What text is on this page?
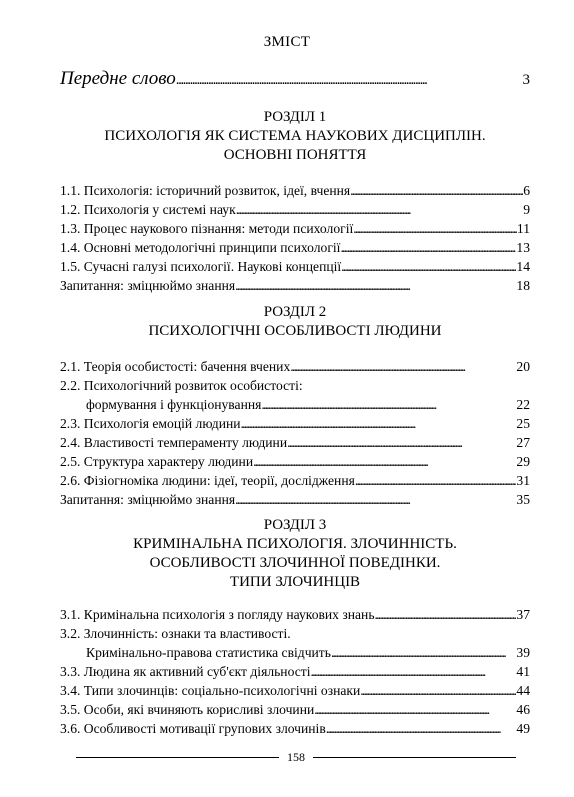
ЗМІСТ
Передне слово . . .	3
РОЗДІЛ 1
ПСИХОЛОГІЯ ЯК СИСТЕМА НАУКОВИХ ДИСЦИПЛІН.
ОСНОВНІ ПОНЯТТЯ
1.1. Психологія: історичний розвиток, ідеї, вчення . . .	6
1.2. Психологія у системі наук . . .	9
1.3. Процес наукового пізнання: методи психології . . .	11
1.4. Основні методологічні принципи психології . . .	13
1.5. Сучасні галузі психології. Наукові концепції . . .	14
Запитання: зміцнюймо знання . . .	18
РОЗДІЛ 2
ПСИХОЛОГІЧНІ ОСОБЛИВОСТІ ЛЮДИНИ
2.1. Теорія особистості: бачення вчених . . .	20
2.2. Психологічний розвиток особистості:
формування і функціонування . . .	22
2.3. Психологія емоцій людини . . .	25
2.4. Властивості темпераменту людини . . .	27
2.5. Структура характеру людини . . .	29
2.6. Фізіогноміка людини: ідеї, теорії, дослідження . . .	31
Запитання: зміцнюймо знання . . .	35
РОЗДІЛ 3
КРИМІНАЛЬНА ПСИХОЛОГІЯ. ЗЛОЧИННІСТЬ.
ОСОБЛИВОСТІ ЗЛОЧИННОЇ ПОВЕДІНКИ.
ТИПИ ЗЛОЧИНЦІВ
3.1. Кримінальна психологія з погляду наукових знань . . .	37
3.2. Злочинність: ознаки та властивості.
Кримінально-правова статистика свідчить . . .	39
3.3. Людина як активний суб'єкт діяльності . . .	41
3.4. Типи злочинців: соціально-психологічні ознаки . . .	44
3.5. Особи, які вчиняють корисливі злочини . . .	46
3.6. Особливості мотивації групових злочинів . . .	49
158
